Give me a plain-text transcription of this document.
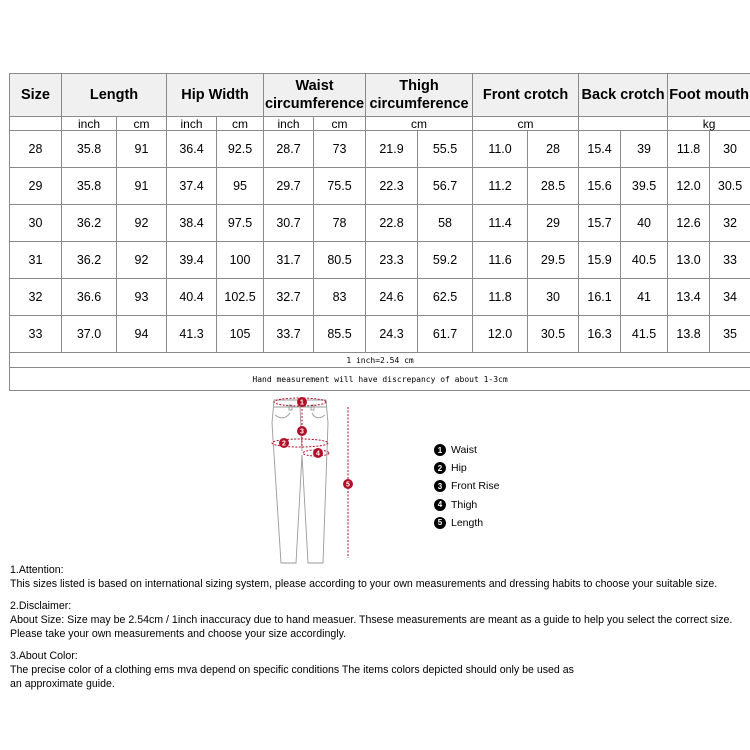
Size	Length		Hip Width		Waist circumference		Thigh circumference		Front crotch		Back crotch		Foot mouth	
	inch	cm	inch	cm	inch	cm	cm		cm				kg	
28	35.8	91	36.4	92.5	28.7	73	21.9	55.5	11.0	28	15.4	39	11.8	30
29	35.8	91	37.4	95	29.7	75.5	22.3	56.7	11.2	28.5	15.6	39.5	12.0	30.5
30	36.2	92	38.4	97.5	30.7	78	22.8	58	11.4	29	15.7	40	12.6	32
31	36.2	92	39.4	100	31.7	80.5	23.3	59.2	11.6	29.5	15.9	40.5	13.0	33
32	36.6	93	40.4	102.5	32.7	83	24.6	62.5	11.8	30	16.1	41	13.4	34
33	37.0	94	41.3	105	33.7	85.5	24.3	61.7	12.0	30.5	16.3	41.5	13.8	35
1 inch=2.54 cm														
Hand measurement will have discrepancy of about 1-3cm														
1
2
3
4
5
1 Waist
2 Hip
3 Front Rise
4 Thigh
5 Length
1.Attention:
This sizes listed is based on international sizing system, please according to your own measurements and dressing habits to choose your suitable size.
2.Disclaimer:
About Size: Size may be 2.54cm / 1inch inaccuracy due to hand measuer. Thsese measurements are meant as a guide to help you select the correct size.
Please take your own measurements and choose your size accordingly.
3.About Color:
The precise color of a clothing ems mva depend on specific conditions The items colors depicted should only be used as
an approximate guide.
